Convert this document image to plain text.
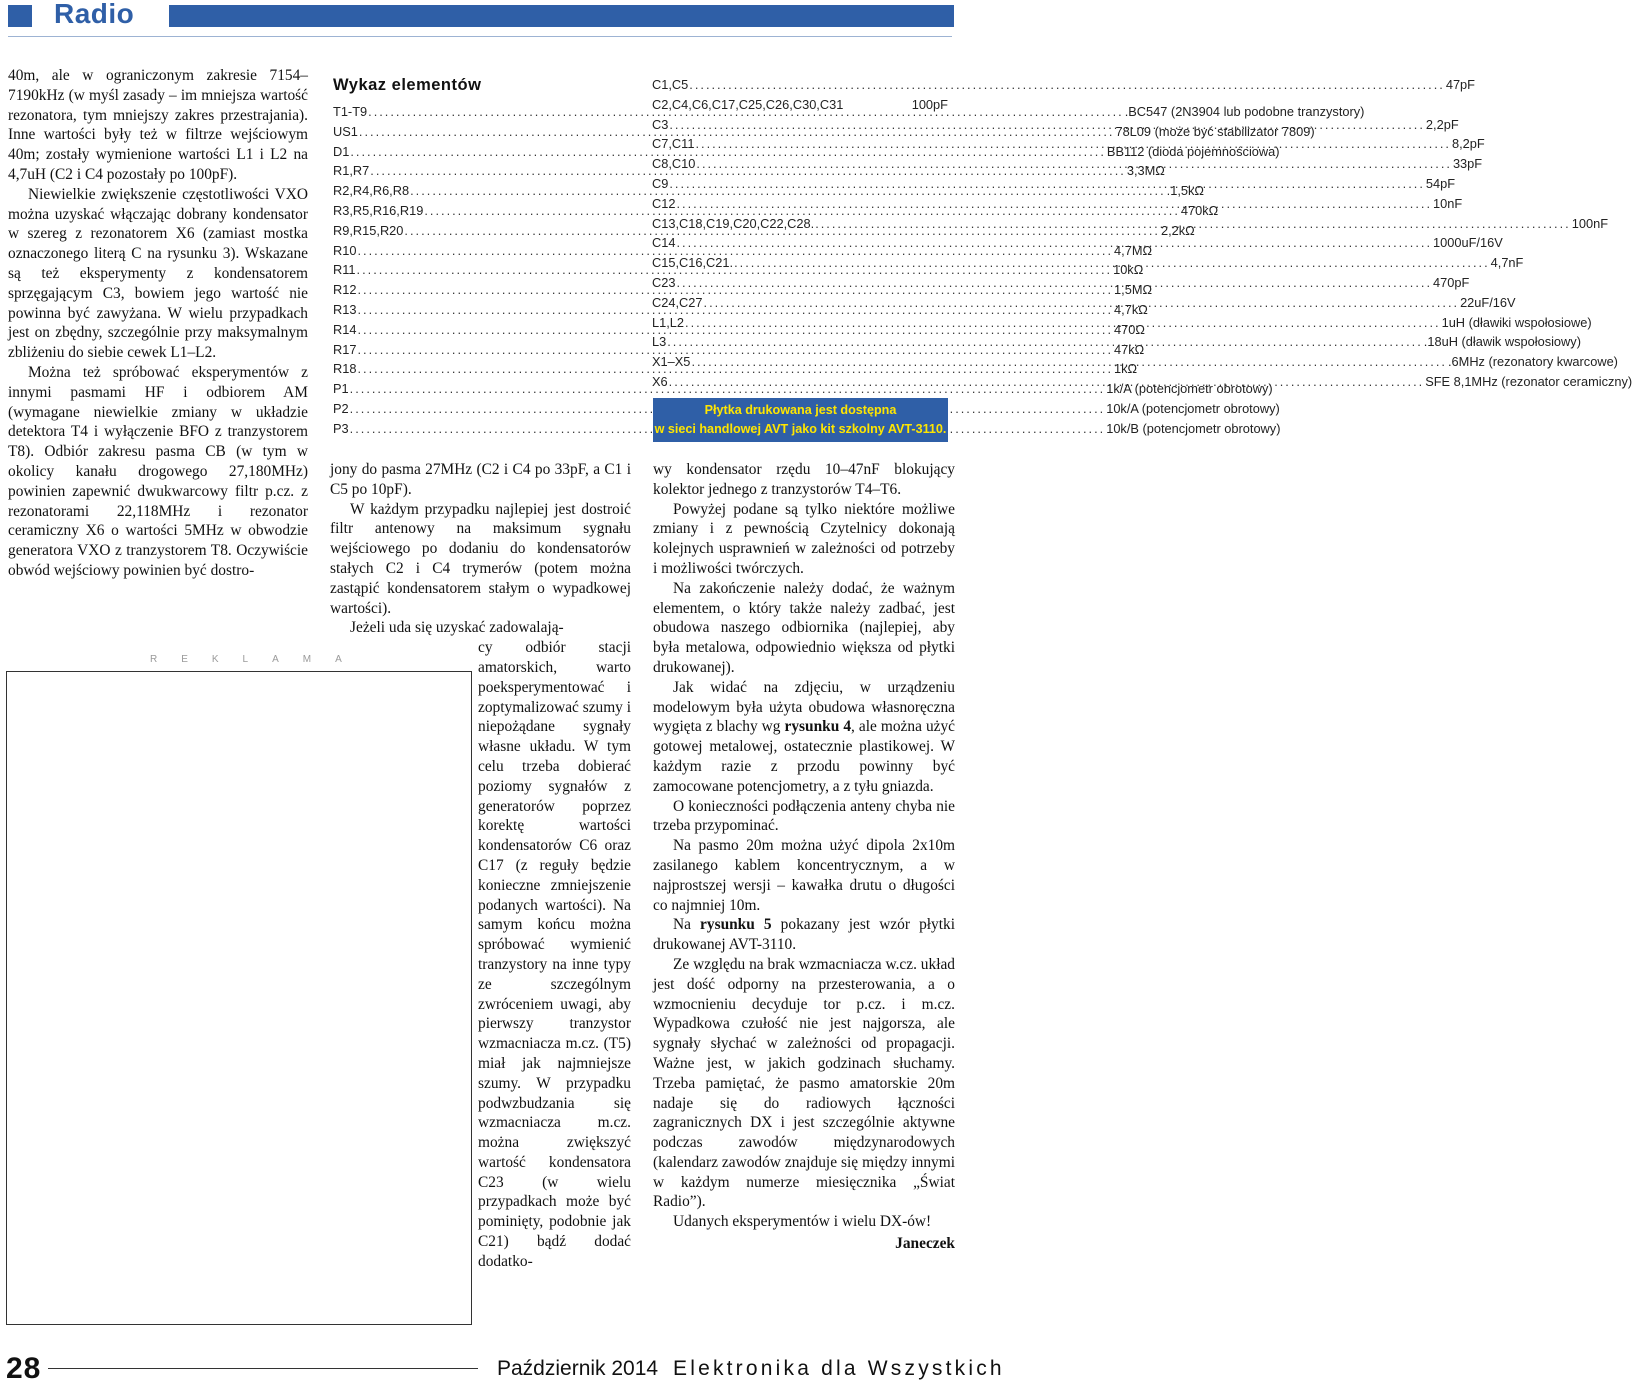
Radio

40m, ale w ograniczonym zakresie 7154–7190kHz (w myśl zasady – im mniejsza wartość rezonatora, tym mniejszy zakres przestrajania). Inne wartości były też w filtrze wejściowym 40m; zostały wymienione wartości L1 i L2 na 4,7uH (C2 i C4 pozostały po 100pF).

Niewielkie zwiększenie częstotliwości VXO można uzyskać włączając dobrany kondensator w szereg z rezonatorem X6 (zamiast mostka oznaczonego literą C na rysunku 3). Wskazane są też eksperymenty z kondensatorem sprzęgającym C3, bowiem jego wartość nie powinna być zawyżana. W wielu przypadkach jest on zbędny, szczególnie przy maksymalnym zbliżeniu do siebie cewek L1–L2.

Można też spróbować eksperymentów z innymi pasmami HF i odbiorem AM (wymagane niewielkie zmiany w układzie detektora T4 i wyłączenie BFO z tranzystorem T8). Odbiór zakresu pasma CB (w tym w okolicy kanału drogowego 27,180MHz) powinien zapewnić dwukwarcowy filtr p.cz. z rezonatorami 22,118MHz i rezonator ceramiczny X6 o wartości 5MHz w obwodzie generatora VXO z tranzystorem T8. Oczywiście obwód wejściowy powinien być dostro-

REKLAMA
Wykaz elementów
T1-T9 .....	.BC547 (2N3904 lub podobne tranzystory)
US1 .....	78L09 (może być stabilizator 7809)
D1 .....	BB112 (dioda pojemnościowa)
R1,R7 .....	3,3MΩ
R2,R4,R6,R8 .....	.1,5kΩ
R3,R5,R16,R19 .....	470kΩ
R9,R15,R20 .....	2,2kΩ
R10 .....	4,7MΩ
R11 .....	10kΩ
R12 .....	1,5MΩ
R13 .....	4,7kΩ
R14 .....	470Ω
R17 .....	47kΩ
R18 .....	1kΩ
P1 .....	1k/A (potencjometr obrotowy)
P2 .....	10k/A (potencjometr obrotowy)
P3 .....	10k/B (potencjometr obrotowy)
C1,C5 .....	47pF
C2,C4,C6,C17,C25,C26,C30,C31	100pF
C3 .....	2,2pF
C7,C11 .....	8,2pF
C8,C10 .....	33pF
C9 .....	54pF
C12 .....	10nF
C13,C18,C19,C20,C22,C28. .....	100nF
C14 .....	1000uF/16V
C15,C16,C21. .....	4,7nF
C23 .....	470pF
C24,C27 .....	22uF/16V
L1,L2 .....	1uH (dławiki wspołosiowe)
L3 .....	.18uH (dławik wspołosiowy)
X1–X5 .....	.6MHz (rezonatory kwarcowe)
X6 .....	SFE 8,1MHz (rezonator ceramiczny)
Płytka drukowana jest dostępna
w sieci handlowej AVT jako kit szkolny AVT-3110.

jony do pasma 27MHz (C2 i C4 po 33pF, a C1 i C5 po 10pF).

W każdym przypadku najlepiej jest dostroić filtr antenowy na maksimum sygnału wejściowego po dodaniu do kondensatorów stałych C2 i C4 trymerów (potem można zastąpić kondensatorem stałym o wypadkowej wartości).

Jeżeli uda się uzyskać zadowalają-

cy odbiór stacji amatorskich, warto poeksperymentować i zoptymalizować szumy i niepożądane sygnały własne układu. W tym celu trzeba dobierać poziomy sygnałów z generatorów poprzez korektę wartości kondensatorów C6 oraz C17 (z reguły będzie konieczne zmniejszenie podanych wartości). Na samym końcu można spróbować wymienić tranzystory na inne typy ze szczególnym zwróceniem uwagi, aby pierwszy tranzystor wzmacniacza m.cz. (T5) miał jak najmniejsze szumy. W przypadku podwzbudzania się wzmacniacza m.cz. można zwiększyć wartość kondensatora C23 (w wielu przypadkach może być pominięty, podobnie jak C21) bądź dodać dodatko-

wy kondensator rzędu 10–47nF blokujący kolektor jednego z tranzystorów T4–T6.

Powyżej podane są tylko niektóre możliwe zmiany i z pewnością Czytelnicy dokonają kolejnych usprawnień w zależności od potrzeby i możliwości twórczych.

Na zakończenie należy dodać, że ważnym elementem, o który także należy zadbać, jest obudowa naszego odbiornika (najlepiej, aby była metalowa, odpowiednio większa od płytki drukowanej).

Jak widać na zdjęciu, w urządzeniu modelowym była użyta obudowa własnoręczna wygięta z blachy wg rysunku 4, ale można użyć gotowej metalowej, ostatecznie plastikowej. W każdym razie z przodu powinny być zamocowane potencjometry, a z tyłu gniazda.

O konieczności podłączenia anteny chyba nie trzeba przypominać.

Na pasmo 20m można użyć dipola 2x10m zasilanego kablem koncentrycznym, a w najprostszej wersji – kawałka drutu o długości co najmniej 10m.

Na rysunku 5 pokazany jest wzór płytki drukowanej AVT-3110.

Ze względu na brak wzmacniacza w.cz. układ jest dość odporny na przesterowania, a o wzmocnieniu decyduje tor p.cz. i m.cz. Wypadkowa czułość nie jest najgorsza, ale sygnały słychać w zależności od propagacji. Ważne jest, w jakich godzinach słuchamy. Trzeba pamiętać, że pasmo amatorskie 20m nadaje się do radiowych łączności zagranicznych DX i jest szczególnie aktywne podczas zawodów międzynarodowych (kalendarz zawodów znajduje się między innymi w każdym numerze miesięcznika „Świat Radio”).

Udanych eksperymentów i wielu DX-ów!

Janeczek

28	Październik 2014 Elektronika dla Wszystkich
